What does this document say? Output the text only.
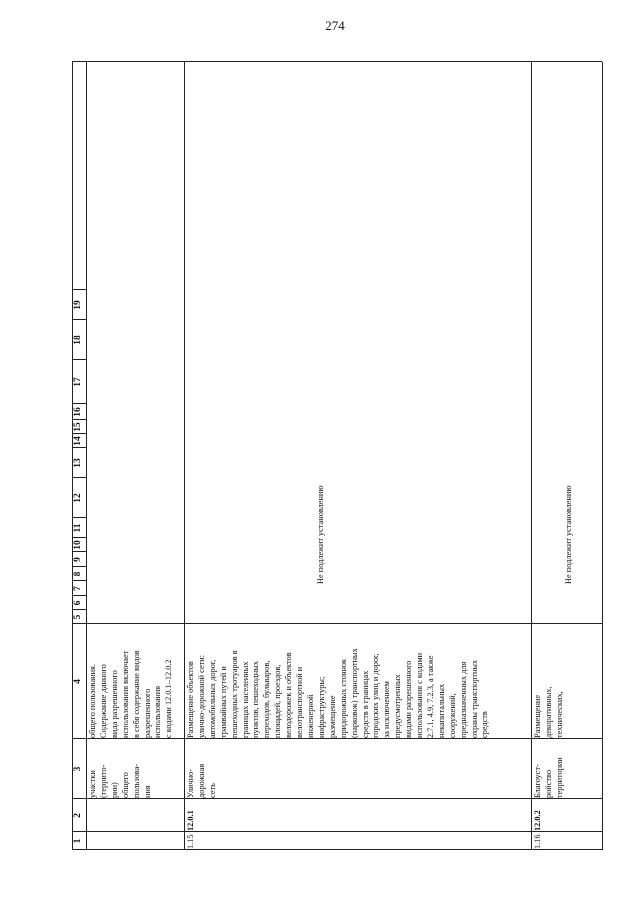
274
1
2
3
4
5
6
7
8
9
10
11
12
13
14
15
16
17
18
19
участки
(террито-
рии)
общего
пользова-
ния
общего пользования.
Содержание данного
вида разрешенного
использования включает
в себя содержание видов
разрешенного
использования
с кодами 12.0.1–12.0.2
1.15
12.0.1
Улично-
дорожная
сеть
Размещение объектов
улично-дорожной сети:
автомобильных дорог,
трамвайных путей и
пешеходных тротуаров в
границах населенных
пунктов, пешеходных
переходов, бульваров,
площадей, проездов,
велодорожек и объектов
велотранспортной и
инженерной
инфраструктуры;
размещение
придорожных стоянок
(парковок) транспортных
средств в границах
городских улиц и дорог,
за исключением
предусмотренных
видами разрешенного
использования с кодами
2.7.1, 4.9, 7.2.3, а также
некапитальных
сооружений,
предназначенных для
охраны транспортных
средств
Не подлежит установлению
1.16
12.0.2
Благоуст-
ройство
территории
Размещение
декоративных,
технических,
Не подлежит установлению
